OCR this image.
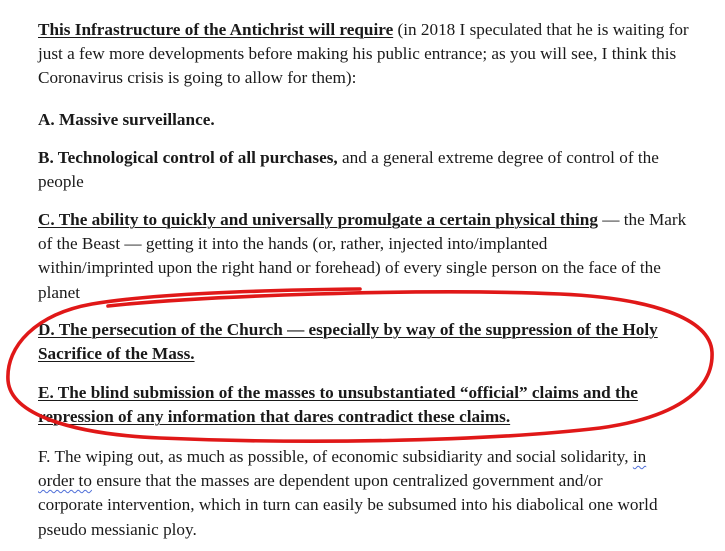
This Infrastructure of the Antichrist will require (in 2018 I speculated that he is waiting for
just a few more developments before making his public entrance; as you will see, I think this
Coronavirus crisis is going to allow for them):
A. Massive surveillance.
B. Technological control of all purchases, and a general extreme degree of control of the
people
C. The ability to quickly and universally promulgate a certain physical thing — the Mark
of the Beast — getting it into the hands (or, rather, injected into/implanted
within/imprinted upon the right hand or forehead) of every single person on the face of the
planet
D. The persecution of the Church — especially by way of the suppression of the Holy
Sacrifice of the Mass.
E. The blind submission of the masses to unsubstantiated “official” claims and the
repression of any information that dares contradict these claims.
F. The wiping out, as much as possible, of economic subsidiarity and social solidarity, in
order to ensure that the masses are dependent upon centralized government and/or
corporate intervention, which in turn can easily be subsumed into his diabolical one world
pseudo messianic ploy.
